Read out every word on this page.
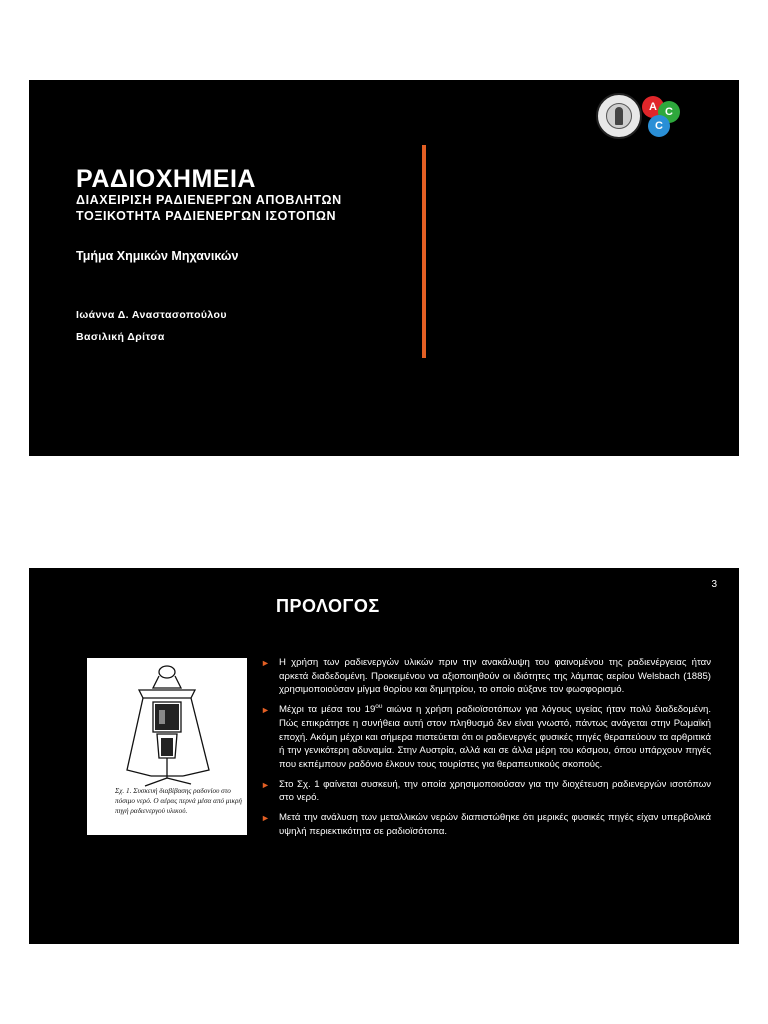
A C
C
ΡΑΔΙΟΧΗΜΕΙΑ

ΔΙΑΧΕΙΡΙΣΗ ΡΑΔΙΕΝΕΡΓΩΝ ΑΠΟΒΛΗΤΩΝ

ΤΟΞΙΚΟΤΗΤΑ ΡΑΔΙΕΝΕΡΓΩΝ ΙΣΟΤΟΠΩΝ

Τμήμα Χημικών Μηχανικών

Ιωάννα Δ. Αναστασοπούλου

Βασιλική Δρίτσα

3
ΠΡΟΛΟΓΟΣ
Σχ. 1. Συσκευή διαβίβασης ραδονίου στο πόσιμο νερό. Ο αέρας περνά μέσα από μικρή πηγή ραδιενεργού υλικού.
► Η χρήση των ραδιενεργών υλικών πριν την ανακάλυψη του φαινομένου της ραδιενέργειας ήταν αρκετά διαδεδομένη. Προκειμένου να αξιοποιηθούν οι ιδιότητες της λάμπας αερίου Welsbach (1885) χρησιμοποιούσαν μίγμα θορίου και δημητρίου, το οποίο αύξανε τον φωσφορισμό.
► Μέχρι τα μέσα του $19^{o\upsilon}$ αιώνα η χρήση ραδιοϊσοτόπων για λόγους υγείας ήταν πολύ διαδεδομένη. Πώς επικράτησε η συνήθεια αυτή στον πληθυσμό δεν είναι γνωστό, πάντως ανάγεται στην Ρωμαϊκή εποχή. Ακόμη μέχρι και σήμερα πιστεύεται ότι οι ραδιενεργές φυσικές πηγές θεραπεύουν τα αρθριτικά ή την γενικότερη αδυναμία. Στην Αυστρία, αλλά και σε άλλα μέρη του κόσμου, όπου υπάρχουν πηγές που εκπέμπουν ραδόνιο έλκουν τους τουρίστες για θεραπευτικούς σκοπούς.
► Στο Σχ. 1 φαίνεται συσκευή, την οποία χρησιμοποιούσαν για την διοχέτευση ραδιενεργών ισοτόπων στο νερό.
► Μετά την ανάλυση των μεταλλικών νερών διαπιστώθηκε ότι μερικές φυσικές πηγές είχαν υπερβολικά υψηλή περιεκτικότητα σε ραδιοϊσότοπα.
